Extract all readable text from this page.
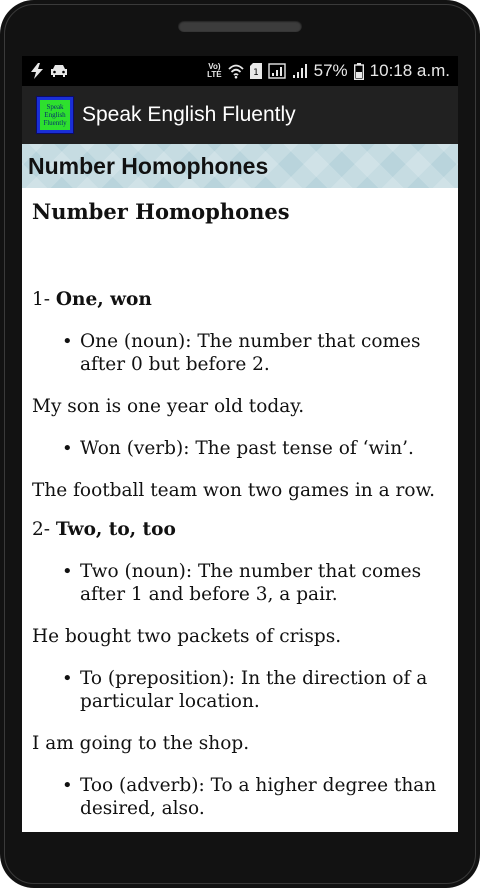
Vo)
LTE	1	57% 10:18 a.m.
Speak English Fluently Speak English Fluently
Number Homophones
Number Homophones
1- One, won
• One (noun): The number that comes after 0 but before 2.
My son is one year old today.
• Won (verb): The past tense of ‘win’.
The football team won two games in a row.
2- Two, to, too
• Two (noun): The number that comes after 1 and before 3, a pair.
He bought two packets of crisps.
• To (preposition): In the direction of a particular location.
I am going to the shop.
• Too (adverb): To a higher degree than desired, also.
